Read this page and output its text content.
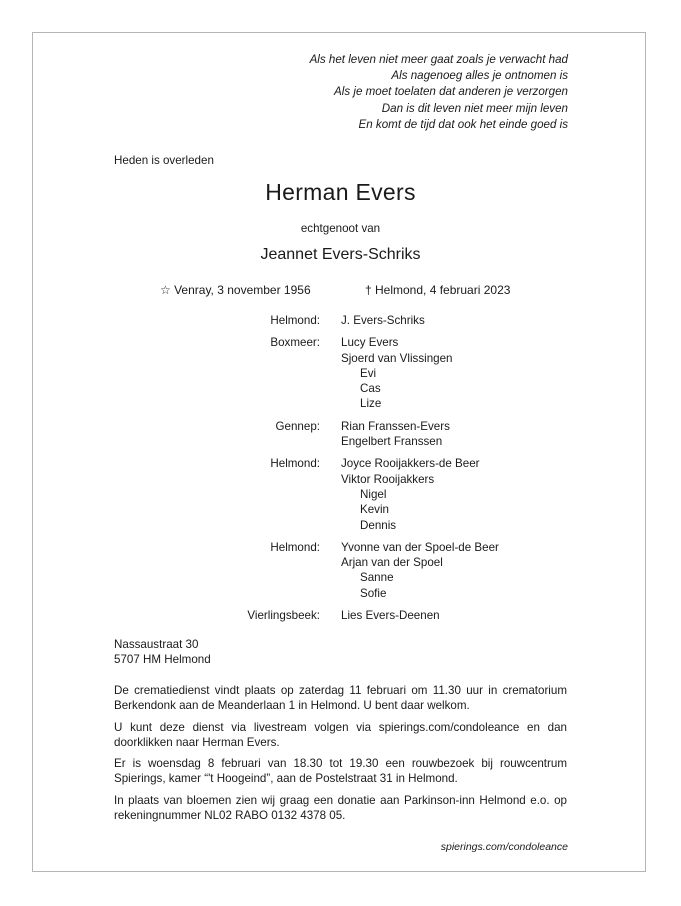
Als het leven niet meer gaat zoals je verwacht had
Als nagenoeg alles je ontnomen is
Als je moet toelaten dat anderen je verzorgen
Dan is dit leven niet meer mijn leven
En komt de tijd dat ook het einde goed is
Heden is overleden
Herman Evers
echtgenoot van
Jeannet Evers-Schriks
☆ Venray, 3 november 1956	† Helmond, 4 februari 2023
Helmond: J. Evers-Schriks
Boxmeer: Lucy Evers
Sjoerd van Vlissingen
Evi
Cas
Lize
Gennep: Rian Franssen-Evers
Engelbert Franssen
Helmond: Joyce Rooijakkers-de Beer
Viktor Rooijakkers
Nigel
Kevin
Dennis
Helmond: Yvonne van der Spoel-de Beer
Arjan van der Spoel
Sanne
Sofie
Vierlingsbeek: Lies Evers-Deenen
Nassaustraat 30
5707 HM Helmond

De crematiedienst vindt plaats op zaterdag 11 februari om 11.30 uur in crematorium Berkendonk aan de Meanderlaan 1 in Helmond. U bent daar welkom.

U kunt deze dienst via livestream volgen via spierings.com/condoleance en dan doorklikken naar Herman Evers.

Er is woensdag 8 februari van 18.30 tot 19.30 een rouwbezoek bij rouwcentrum Spierings, kamer “'t Hoogeind”, aan de Postelstraat 31 in Helmond.

In plaats van bloemen zien wij graag een donatie aan Parkinson-inn Helmond e.o. op rekeningnummer NL02 RABO 0132 4378 05.

spierings.com/condoleance
